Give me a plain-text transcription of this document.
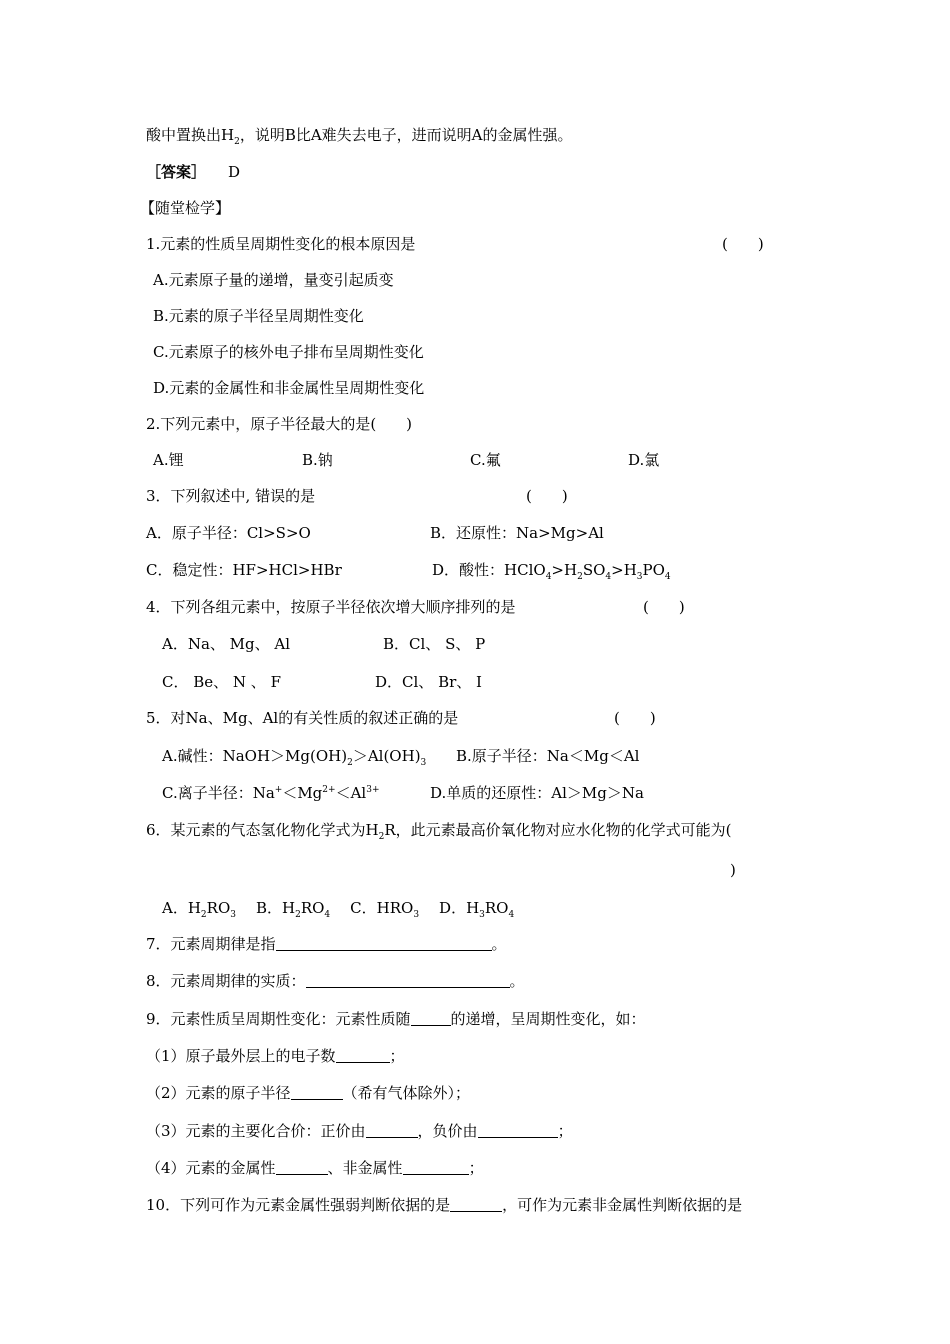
酸中置换出$H_2$，说明B比A难失去电子，进而说明A的金属性强。
［答案］ D
【随堂检学】
1.元素的性质呈周期性变化的根本原因是	(　　)
A.元素原子量的递增，量变引起质变
B.元素的原子半径呈周期性变化
C.元素原子的核外电子排布呈周期性变化
D.元素的金属性和非金属性呈周期性变化
2.下列元素中，原子半径最大的是(　　)
A.锂	B.钠	C.氟	D.氯
3．下列叙述中, 错误的是	(　　)
A．原子半径：Cl>S>O	B．还原性：Na>Mg>Al
C．稳定性：HF>HCl>HBr	D．酸性：$HClO_4>H_2SO_4>H_3PO_4$
4．下列各组元素中，按原子半径依次增大顺序排列的是	(　　)
A．Na、 Mg、 Al	B．Cl、 S、 P
C． Be、 N 、 F	D．Cl、 Br、 I
5．对Na、Mg、Al的有关性质的叙述正确的是	(　　)
A.碱性：$NaOH>Mg(OH)_2>Al(OH)_3$ B.原子半径：Na＜Mg＜Al
C.离子半径：$Na^+<Mg^{2+}<Al^{3+}$	D.单质的还原性：Al＞Mg＞Na
6．某元素的气态氢化物化学式为$H_2R$，此元素最高价氧化物对应水化物的化学式可能为(
)
A．$H_2RO_3$ B．$H_2RO_4$ C．$HRO_3$ D．$H_3RO_4$
7．元素周期律是指	。
8．元素周期律的实质：	。
9．元素性质呈周期性变化：元素性质随	的递增，呈周期性变化，如：
（1）原子最外层上的电子数	；
（2）元素的原子半径	（希有气体除外）；
（3）元素的主要化合价：正价由	，负价由	；
（4）元素的金属性	、非金属性	；
10．下列可作为元素金属性强弱判断依据的是	，可作为元素非金属性判断依据的是
